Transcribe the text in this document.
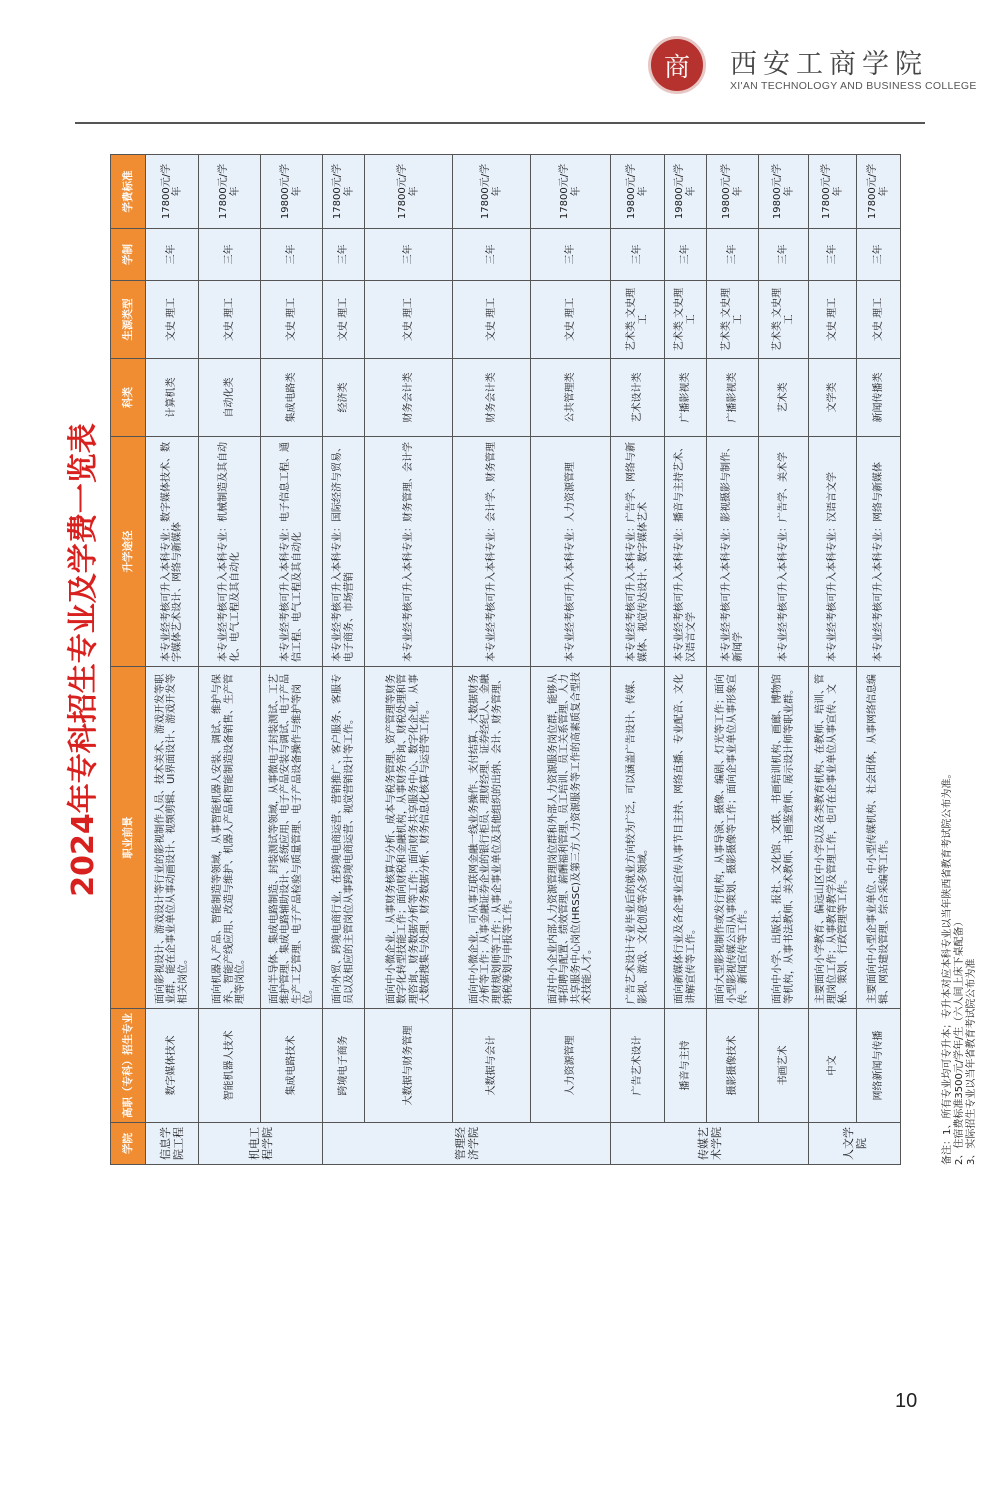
商 西安工商学院
XI'AN TECHNOLOGY AND BUSINESS COLLEGE
2024年专科招生专业及学费一览表
学院	高职（专科）招生专业	职业前景	升学途径	科类	生源类型	学制	学费标准
信息学院工程	数字媒体技术	面向影视设计、游戏设计等行业的影视制作人员、技术美术、游戏开发等职业群，能在企事业单位从事动画设计、视频剪辑、UI界面设计、游戏开发等相关岗位。	本专业经考核可升入本科专业：数字媒体技术、数字媒体艺术设计、网络与新媒体	计算机类	文史 理工	三年	17800元/学年
机电工程学院	智能机器人技术	面向机器人产品、智能制造等领域，从事智能机器人安装、调试、维护与保养、智能产线应用、改造与维护、机器人产品和智能制造设备销售、生产管理等岗位。	本专业经考核可升入本科专业：机械制造及其自动化、电气工程及其自动化	自动化类	文史 理工	三年	17800元/学年
	集成电路技术	面向半导体、集成电路制造、封装测试等领域，从事微电子封装测试、工艺维护管理、集成电路辅助设计、系统应用、电子产品安装与调试、电子产品生产工艺管理、电子产品检验与质量管理、电子产品设备操作与维护等岗位。	本专业经考核可升入本科专业：电子信息工程、通信工程、电气工程及其自动化	集成电路类	文史 理工	三年	19800元/学年
管理经济学院	跨境电子商务	面向外贸、跨境电商行业，在跨境电商运营、营销推广、客户服务、客服专员以及相应的主管岗位从事跨境电商运营、视觉营销设计等工作。	本专业经考核可升入本科专业：国际经济与贸易、电子商务、市场营销	经济类	文史 理工	三年	17800元/学年
	大数据与财务管理	面向中小微企业，从事财务核算与分析、成本与税务管理、资产管理等财务数字化转型技能工作；面向财税和金融机构，从事财务咨询、财税处理和管理咨询、财务数据分析等工作；面向财务共享服务中心、数字化企业，从事大数据搜集与处理、财务数据分析、财务信息化核算与运营等工作。	本专业经考核可升入本科专业：财务管理、会计学	财务会计类	文史 理工	三年	17800元/学年
	大数据与会计	面向中小微企业，可从事互联网金融一线业务操作、支付结算、大数据财务分析等工作；从事金融证券企业的银行柜员、理财经理、证券经纪人、金融理财规划师等工作；从事企事业单位及其他组织的出纳、会计、财务管理、纳税筹划与申报等工作。	本专业经考核可升入本科专业：会计学、财务管理	财务会计类	文史 理工	三年	17800元/学年
	人力资源管理	面对中小企业内部人力资源管理岗位群和外部人力资源服务岗位群，能够从事招聘与配置、绩效管理、薪酬福利管理、员工培训、员工关系管理、人力共享服务中心岗位(HRSSC)及第三方人力资源服务等工作的高素质复合型技术技能人才。	本专业经考核可升入本科专业：人力资源管理	公共管理类	文史 理工	三年	17800元/学年
传媒艺术学院	广告艺术设计	广告艺术设计专业毕业后的就业方向较为广泛，可以涵盖广告设计、传媒、影视、游戏、文化创意等众多领域。	本专业经考核可升入本科专业：广告学、网络与新媒体、视觉传达设计、数字媒体艺术	艺术设计类	艺术类 文史理工	三年	19800元/学年
	播音与主持	面向新媒体行业及各企事业宣传从事节目主持、网络直播、专业配音、文化讲解宣传等工作。	本专业经考核可升入本科专业：播音与主持艺术、汉语言文学	广播影视类	艺术类 文史理工	三年	19800元/学年
	摄影摄像技术	面向大型影视制作或发行机构，从事导演、摄像、编剧、灯光等工作；面向小型影视传媒公司从事策划、摄影摄像等工作；面向企事业单位从事形象宣传、新闻宣传等工作。	本专业经考核可升入本科专业：影视摄影与制作、新闻学	广播影视类	艺术类 文史理工	三年	19800元/学年
	书画艺术	面向中小学、出版社、报社、文化馆、文联、书画培训机构、画廊、博物馆等机构，从事书法教师、美术教师、书画鉴赏师、展示设计师等职业群。	本专业经考核可升入本科专业：广告学、美术学	艺术类	艺术类 文史理工	三年	19800元/学年
人文学院	中文	主要面向小学教育、偏远山区中小学以及各类教育机构、在教师、培训、管理岗位工作；从事教育教学及管理工作，也可在企事业单位从事宣传、文秘、策划、行政管理等工作。	本专业经考核可升入本科专业：汉语言文学	文学类	文史 理工	三年	17800元/学年
	网络新闻与传播	主要面向中小型企事业单位、中小型传媒机构、社会团体，从事网络信息编辑、网站建设管理、综合采编等工作。	本专业经考核可升入本科专业：网络与新媒体	新闻传播类	文史 理工	三年	17800元/学年
备注：1、所有专业均可专升本；专升本对应本科专业以当年陕西省教育考试院公布为准。 2、住宿费标准3500元/学年/生（六人间上床下桌配备） 3、实际招生专业以当年省教育考试院公布为准
10
